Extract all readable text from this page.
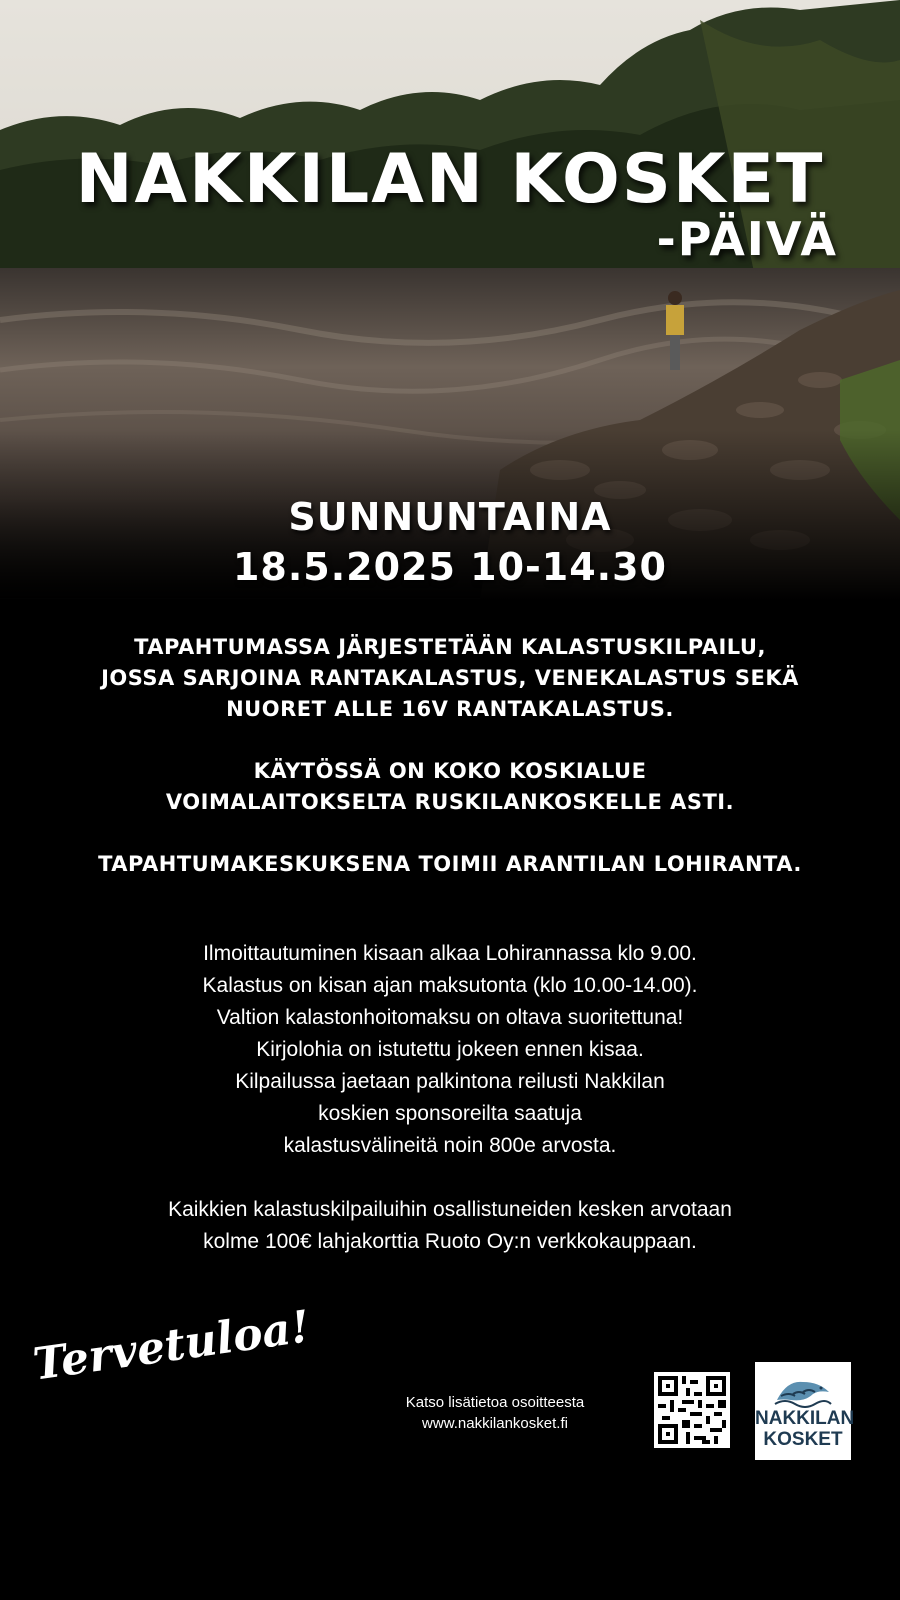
NAKKILAN KOSKET
-PÄIVÄ
SUNNUNTAINA
18.5.2025 10-14.30
TAPAHTUMASSA JÄRJESTETÄÄN KALASTUSKILPAILU,
JOSSA SARJOINA RANTAKALASTUS, VENEKALASTUS SEKÄ
NUORET ALLE 16V RANTAKALASTUS.
KÄYTÖSSÄ ON KOKO KOSKIALUE
VOIMALAITOKSELTA RUSKILANKOSKELLE ASTI.
TAPAHTUMAKESKUKSENA TOIMII ARANTILAN LOHIRANTA.
Ilmoittautuminen kisaan alkaa Lohirannassa klo 9.00.
Kalastus on kisan ajan maksutonta (klo 10.00-14.00).
Valtion kalastonhoitomaksu on oltava suoritettuna!
Kirjolohia on istutettu jokeen ennen kisaa.
Kilpailussa jaetaan palkintona reilusti Nakkilan
koskien sponsoreilta saatuja
kalastusvälineitä noin 800e arvosta.
Kaikkien kalastuskilpailuihin osallistuneiden kesken arvotaan
kolme 100€ lahjakorttia Ruoto Oy:n verkkokauppaan.
Tervetuloa!
Katso lisätietoa osoitteesta
www.nakkilankosket.fi	NAKKILAN
KOSKET
